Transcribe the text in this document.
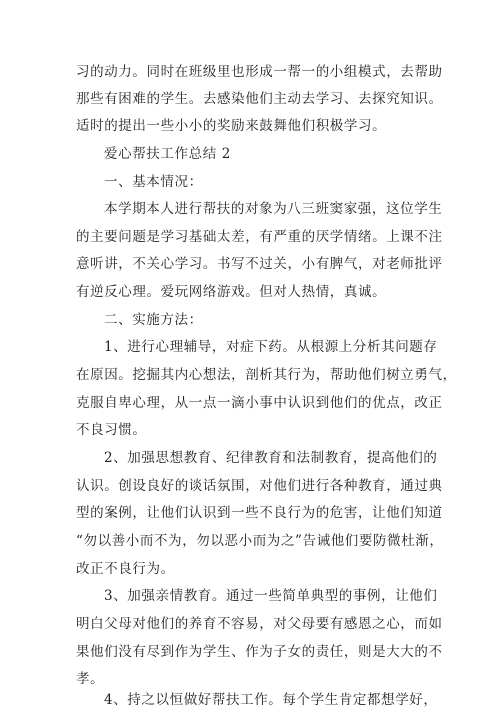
习的动力。同时在班级里也形成一帮一的小组模式，去帮助
那些有困难的学生。去感染他们主动去学习、去探究知识。
适时的提出一些小小的奖励来鼓舞他们积极学习。
爱心帮扶工作总结 2
一、基本情况：
本学期本人进行帮扶的对象为八三班窦家强，这位学生
的主要问题是学习基础太差，有严重的厌学情绪。上课不注
意听讲，不关心学习。书写不过关，小有脾气，对老师批评
有逆反心理。爱玩网络游戏。但对人热情，真诚。
二、实施方法：
1、进行心理辅导，对症下药。从根源上分析其问题存
在原因。挖掘其内心想法，剖析其行为，帮助他们树立勇气，
克服自卑心理，从一点一滴小事中认识到他们的优点，改正
不良习惯。
2、加强思想教育、纪律教育和法制教育，提高他们的
认识。创设良好的谈话氛围，对他们进行各种教育，通过典
型的案例，让他们认识到一些不良行为的危害，让他们知道
“勿以善小而不为，勿以恶小而为之”告诫他们要防微杜渐，
改正不良行为。
3、加强亲情教育。通过一些简单典型的事例，让他们
明白父母对他们的养育不容易，对父母要有感恩之心，而如
果他们没有尽到作为学生、作为子女的责任，则是大大的不
孝。
4、持之以恒做好帮扶工作。每个学生肯定都想学好，
